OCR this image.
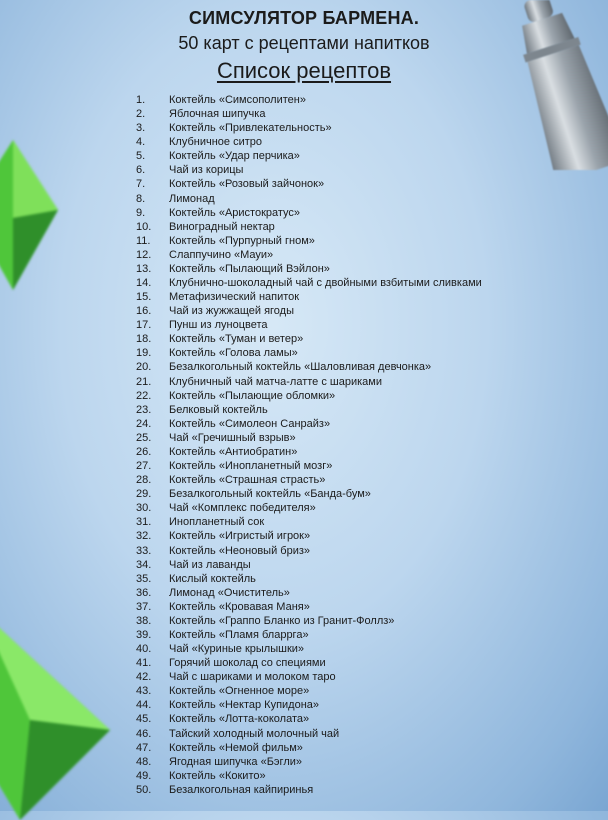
СИМСУЛЯТОР БАРМЕНА.
50 карт с рецептами напитков
Список рецептов
1.	Коктейль «Симсополитен»
2.	Яблочная шипучка
3.	Коктейль «Привлекательность»
4.	Клубничное ситро
5.	Коктейль «Удар перчика»
6.	Чай из корицы
7.	Коктейль «Розовый зайчонок»
8.	Лимонад
9.	Коктейль «Аристократус»
10.	Виноградный нектар
11.	Коктейль «Пурпурный гном»
12.	Слаппучино «Мауи»
13.	Коктейль «Пылающий Вэйлон»
14.	Клубнично-шоколадный чай с двойными взбитыми сливками
15.	Метафизический напиток
16.	Чай из жужжащей ягоды
17.	Пунш из луноцвета
18.	Коктейль «Туман и ветер»
19.	Коктейль «Голова ламы»
20.	Безалкогольный коктейль «Шаловливая девчонка»
21.	Клубничный чай матча-латте с шариками
22.	Коктейль «Пылающие обломки»
23.	Белковый коктейль
24.	Коктейль «Симолеон Санрайз»
25.	Чай «Гречишный взрыв»
26.	Коктейль «Антиобратин»
27.	Коктейль «Инопланетный мозг»
28.	Коктейль «Страшная страсть»
29.	Безалкогольный коктейль «Банда-бум»
30.	Чай «Комплекс победителя»
31.	Инопланетный сок
32.	Коктейль «Игристый игрок»
33.	Коктейль «Неоновый бриз»
34.	Чай из лаванды
35.	Кислый коктейль
36.	Лимонад «Очиститель»
37.	Коктейль «Кровавая Маня»
38.	Коктейль «Граппо Бланко из Гранит-Фоллз»
39.	Коктейль «Пламя бларрга»
40.	Чай «Куриные крылышки»
41.	Горячий шоколад со специями
42.	Чай с шариками и молоком таро
43.	Коктейль «Огненное море»
44.	Коктейль «Нектар Купидона»
45.	Коктейль «Лотта-коколата»
46.	Тайский холодный молочный чай
47.	Коктейль «Немой фильм»
48.	Ягодная шипучка «Бэгли»
49.	Коктейль «Кокито»
50.	Безалкогольная кайпиринья
